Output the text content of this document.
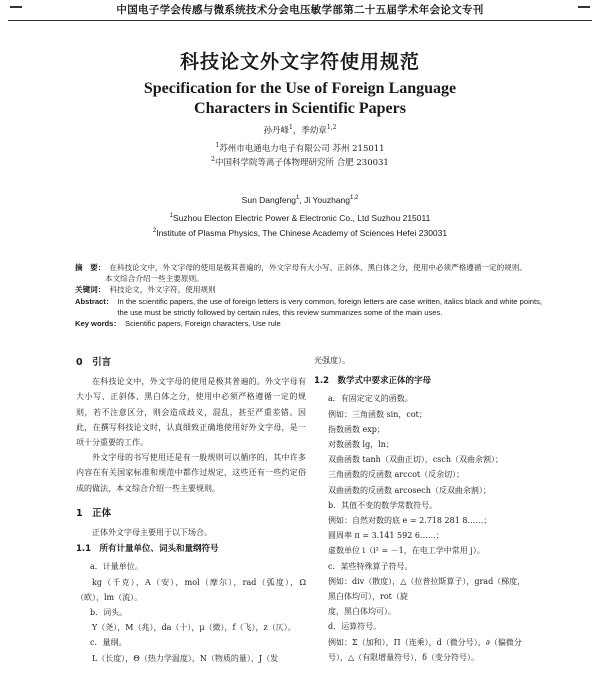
中国电子学会传感与微系统技术分会电压敏学部第二十五届学术年会论文专刊
科技论文外文字符使用规范
Specification for the Use of Foreign Language
Characters in Scientific Papers
孙丹峰$^1$，季幼章$^{1,2}$
$^1$苏州市电通电力电子有限公司 苏州 215011
$^2$中国科学院等离子体物理研究所 合肥 230031
Sun Dangfeng$^1$, Ji Youzhang$^{1,2}$
$^1$Suzhou Electon Electric Power & Electronic Co., Ltd Suzhou 215011
$^2$Institute of Plasma Physics, The Chinese Academy of Sciences Hefei 230031
摘　要： 在科技论文中，外文字母的使用是极其普遍的，外文字母有大小写、正斜体、黑白体之分，使用中必须严格遵循一定的规则。
本文综合介绍一些主要原则。
关键词： 科技论文，外文字符，使用规则
Abstract： In the scientific papers, the use of foreign letters is very common, foreign letters are case written, italics black and white points, the use must be strictly followed by certain rules, this review summarizes some of the main uses.
Key words： Scientific papers, Foreign characters, Use rule
0　引言

在科技论文中，外文字母的使用是极其普遍的。外文字母有大小写、正斜体、黑白体之分，使用中必须严格遵循一定的规则，若不注意区分，则会造成歧义，混乱，甚至严重差错。因此，在撰写科技论文时，认真细致正确地使用好外文字母，是一项十分重要的工作。

外文字母的书写使用还是有一般规则可以循序的，其中许多内容在有关国家标准和规范中都作过规定，这些还有一些约定俗成的做法，本文综合介绍一些主要规则。

1　正体

正体外文字母主要用于以下场合。

1.1　所有计量单位、词头和量纲符号

a．计量单位。

kg（千克），A（安），mol（摩尔），rad（弧度），Ω（欧），lm（流）。

b．词头。

Y（尧），M（兆），da（十），μ（微），f（飞），z（仄）。

c．量纲。

L（长度），Θ（热力学温度），N（物质的量），J（发

光强度）。

1.2　数学式中要求正体的字母

a．有固定定义的函数。

例如：三角函数 sin，cot；

指数函数 exp；

对数函数 lg，ln；

双曲函数 tanh（双曲正切），csch（双曲余割）；

三角函数的反函数 arccot（反余切）；

双曲函数的反函数 arcosech（反双曲余割）；

b．其值不变的数学常数符号。

例如：自然对数的底 e = 2.718 281 8……；

圆周率 π = 3.141 592 6……；

虚数单位 i（i² = －1，在电工学中常用 j）。

c．某些特殊算子符号。

例如：div（散度），△（拉普拉斯算子），grad（梯度，黑白体均可），rot（旋

度，黑白体均可）。

d．运算符号。

例如：Σ（加和），Π（连乘），d（微分号），∂（偏微分号），△（有限增量符号），δ（变分符号）。
